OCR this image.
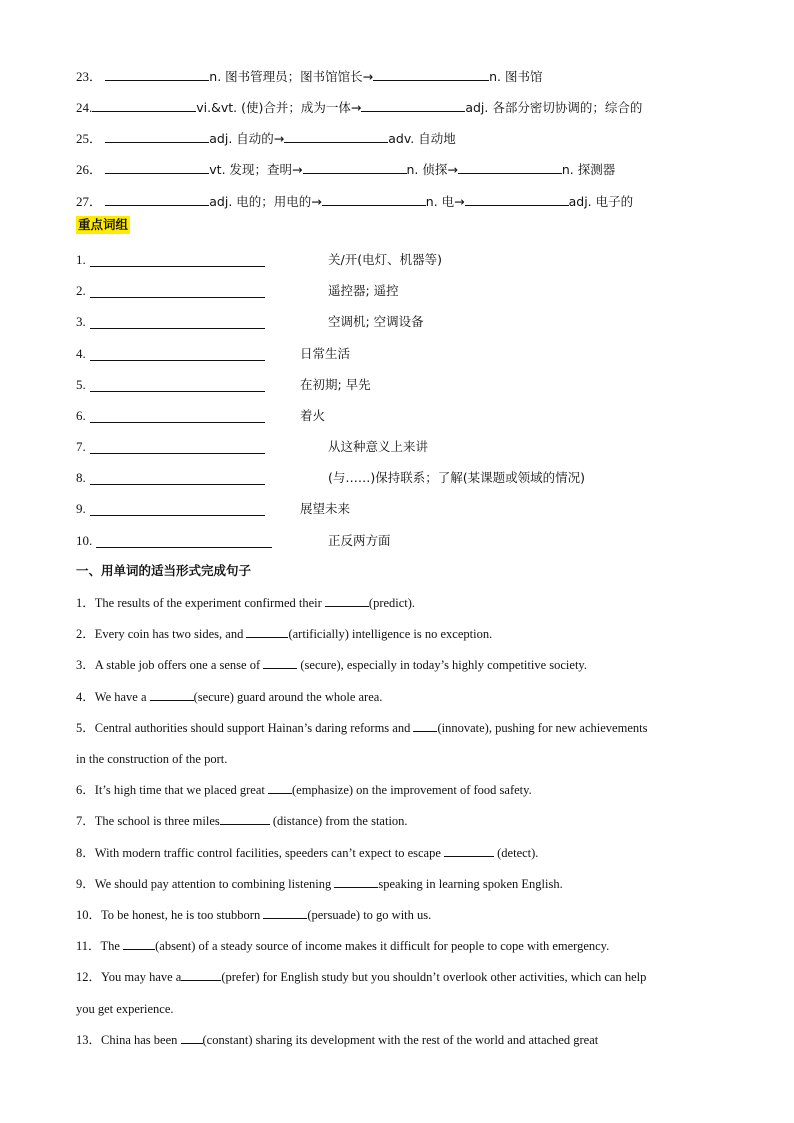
23．	n. 图书管理员；图书馆馆长→	n. 图书馆
24.	vi.&vt. (使)合并；成为一体→	adj. 各部分密切协调的；综合的
25．	adj. 自动的→	adv. 自动地
26．	vt. 发现；查明→	n. 侦探→	n. 探测器
27．	adj. 电的；用电的→	n. 电→	adj. 电子的
重点词组
1.	关/开(电灯、机器等)
2.	遥控器; 遥控
3.	空调机; 空调设备
4.	日常生活
5.	在初期; 早先
6.	着火
7.	从这种意义上来讲
8.	(与……)保持联系；了解(某课题或领域的情况)
9.	展望未来
10.	正反两方面
一、用单词的适当形式完成句子
1．The results of the experiment confirmed their	(predict).
2．Every coin has two sides, and	(artificially) intelligence is no exception.
3．A stable job offers one a sense of	(secure), especially in today’s highly competitive society.
4．We have a	(secure) guard around the whole area.
5．Central authorities should support Hainan’s daring reforms and (innovate), pushing for new achievements
in the construction of the port.
6．It’s high time that we placed great (emphasize) on the improvement of food safety.
7．The school is three miles	(distance) from the station.
8．With modern traffic control facilities, speeders can’t expect to escape	(detect).
9．We should pay attention to combining listening	speaking in learning spoken English.
10．To be honest, he is too stubborn	(persuade) to go with us.
11．The	(absent) of a steady source of income makes it difficult for people to cope with emergency.
12．You may have a	(prefer) for English study but you shouldn’t overlook other activities, which can help
you get experience.
13．China has been (constant) sharing its development with the rest of the world and attached great
